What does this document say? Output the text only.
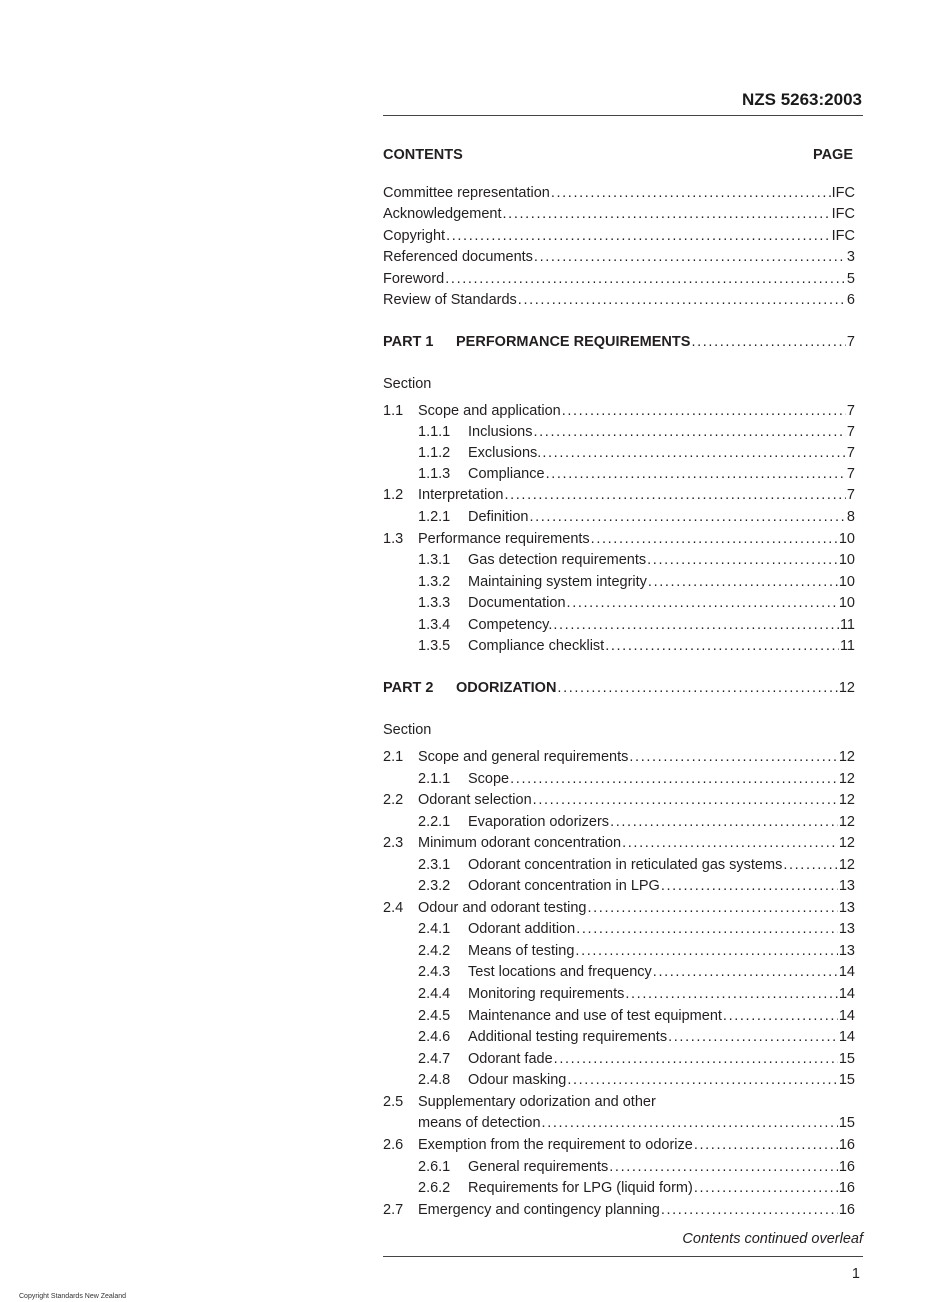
NZS 5263:2003
CONTENTS	PAGE
Committee representation . . .	IFC
Acknowledgement . . .	IFC
Copyright . . .	IFC
Referenced documents . . .	3
Foreword . . .	5
Review of Standards . . .	6
PART 1	PERFORMANCE REQUIREMENTS . . .	7
Section
1.1	Scope and application . . .	7
1.1.1	Inclusions . . .	7
1.1.2	Exclusions. . . .	7
1.1.3	Compliance . . .	7
1.2	Interpretation . . .	7
1.2.1	Definition . . .	8
1.3	Performance requirements . . .	10
1.3.1	Gas detection requirements . . .	10
1.3.2	Maintaining system integrity . . .	10
1.3.3	Documentation . . .	10
1.3.4	Competency. . . .	11
1.3.5	Compliance checklist . . .	11
PART 2	ODORIZATION . . .	12
Section
2.1	Scope and general requirements . . .	12
2.1.1	Scope . . .	12
2.2	Odorant selection . . .	12
2.2.1	Evaporation odorizers . . .	12
2.3	Minimum odorant concentration . . .	12
2.3.1	Odorant concentration in reticulated gas systems . . .	12
2.3.2	Odorant concentration in LPG . . .	13
2.4	Odour and odorant testing . . .	13
2.4.1	Odorant addition . . .	13
2.4.2	Means of testing . . .	13
2.4.3	Test locations and frequency . . .	14
2.4.4	Monitoring requirements . . .	14
2.4.5	Maintenance and use of test equipment . . .	14
2.4.6	Additional testing requirements . . .	14
2.4.7	Odorant fade . . .	15
2.4.8	Odour masking . . .	15
2.5	Supplementary odorization and other
means of detection . . .	15
2.6	Exemption from the requirement to odorize . . .	16
2.6.1	General requirements . . .	16
2.6.2	Requirements for LPG (liquid form) . . .	16
2.7	Emergency and contingency planning . . .	16
Contents continued overleaf
1
Copyright Standards New Zealand
